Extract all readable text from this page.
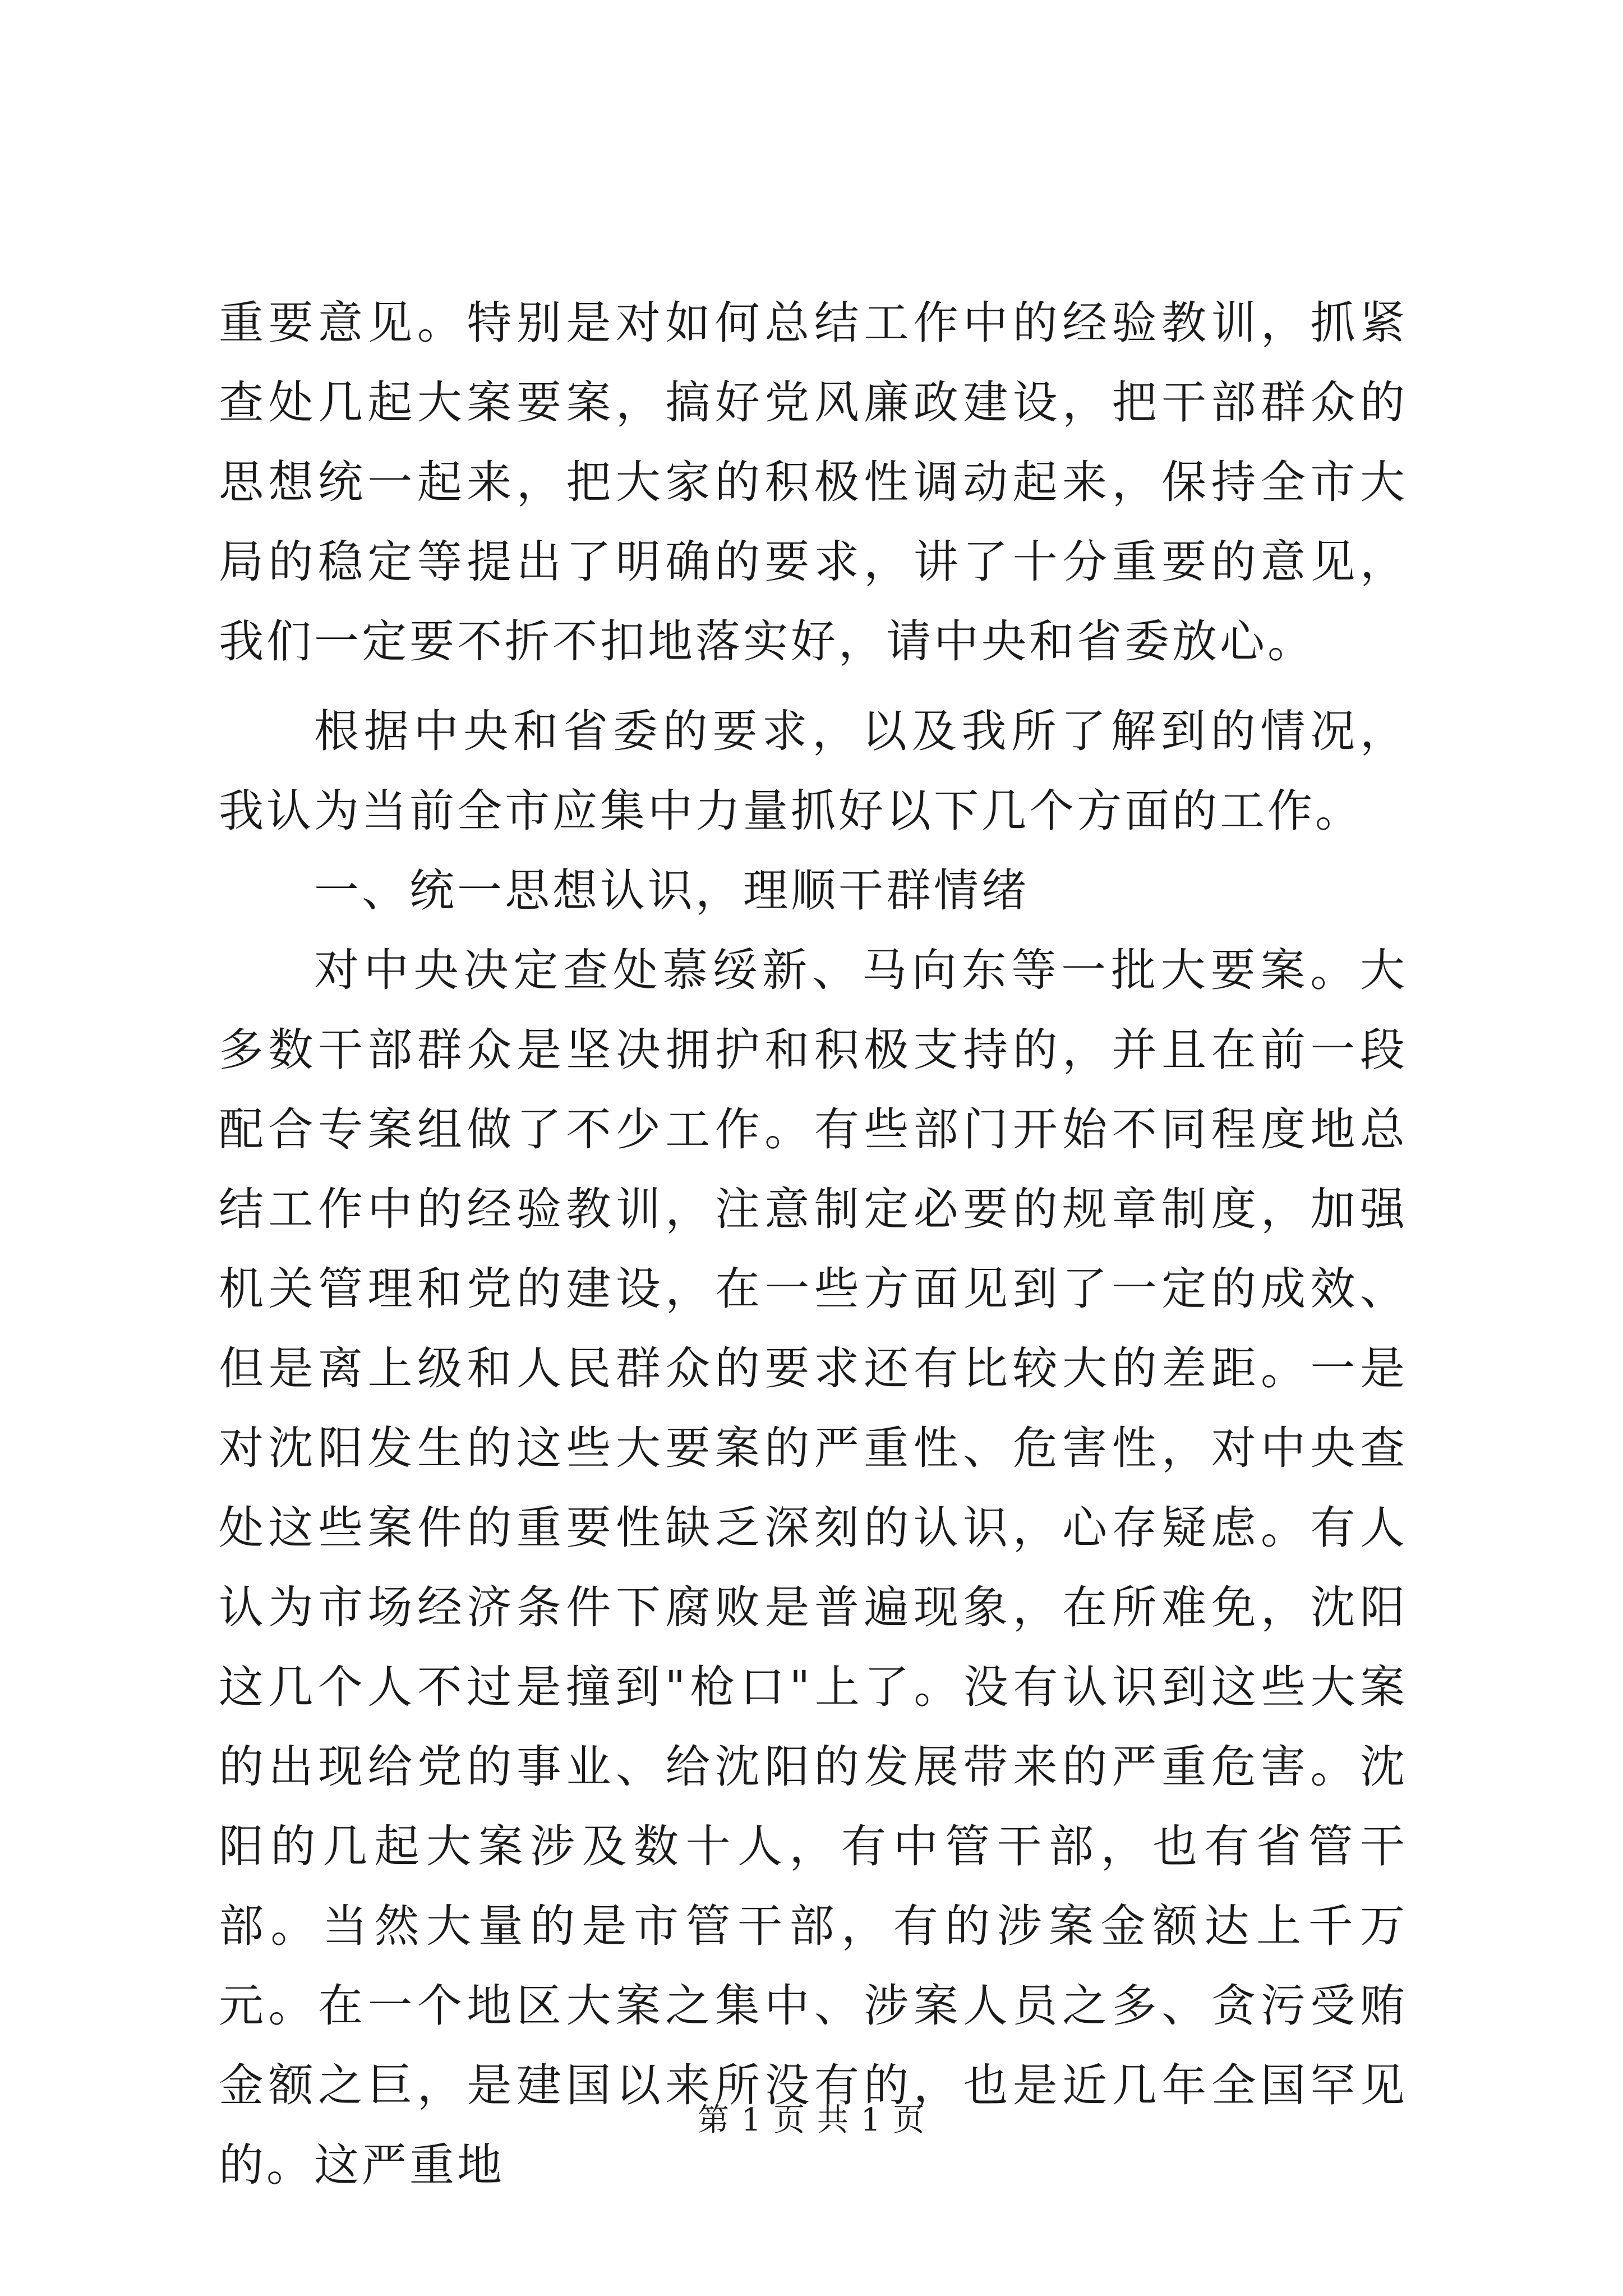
重要意见。特别是对如何总结工作中的经验教训，抓紧查处几起大案要案，搞好党风廉政建设，把干部群众的思想统一起来，把大家的积极性调动起来，保持全市大局的稳定等提出了明确的要求，讲了十分重要的意见，我们一定要不折不扣地落实好，请中央和省委放心。

根据中央和省委的要求，以及我所了解到的情况，我认为当前全市应集中力量抓好以下几个方面的工作。

一、统一思想认识，理顺干群情绪

对中央决定查处慕绥新、马向东等一批大要案。大多数干部群众是坚决拥护和积极支持的，并且在前一段配合专案组做了不少工作。有些部门开始不同程度地总结工作中的经验教训，注意制定必要的规章制度，加强机关管理和党的建设，在一些方面见到了一定的成效、但是离上级和人民群众的要求还有比较大的差距。一是对沈阳发生的这些大要案的严重性、危害性，对中央查处这些案件的重要性缺乏深刻的认识，心存疑虑。有人认为市场经济条件下腐败是普遍现象，在所难免，沈阳这几个人不过是撞到"枪口"上了。没有认识到这些大案的出现给党的事业、给沈阳的发展带来的严重危害。沈阳的几起大案涉及数十人，有中管干部，也有省管干部。当然大量的是市管干部，有的涉案金额达上千万元。在一个地区大案之集中、涉案人员之多、贪污受贿金额之巨，是建国以来所没有的，也是近几年全国罕见的。这严重地

第 1 页 共 1 页
